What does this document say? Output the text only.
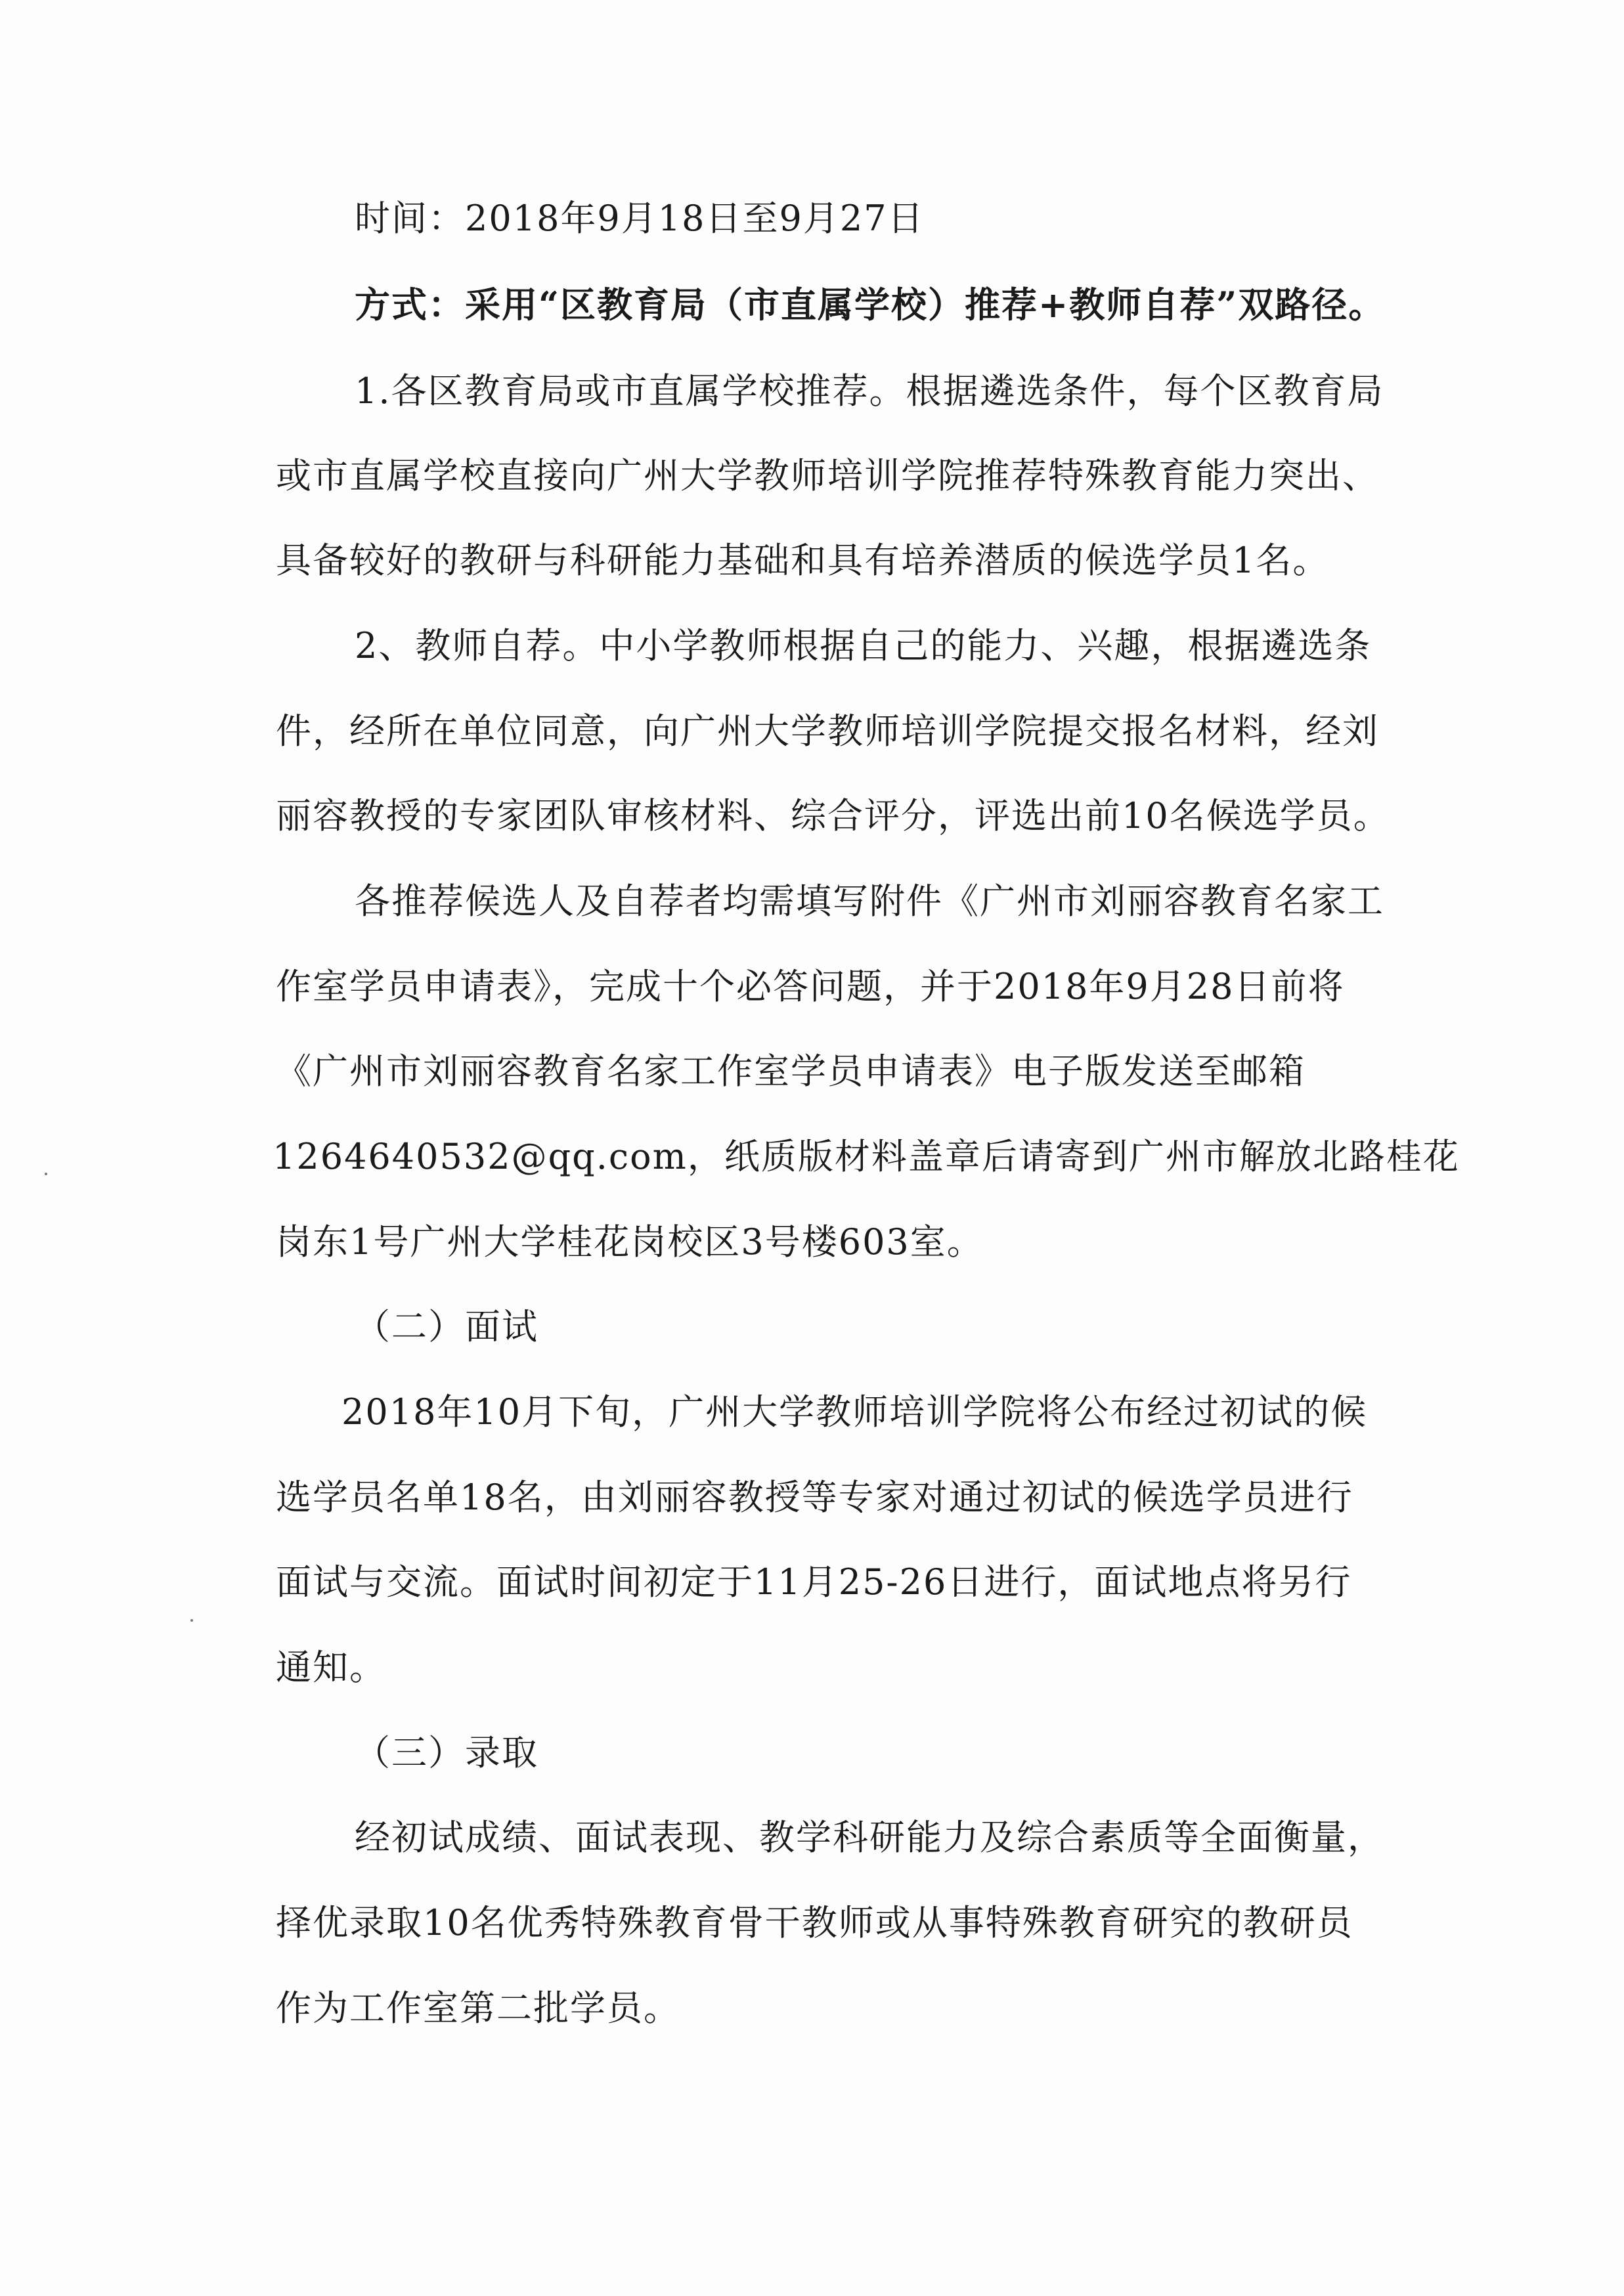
时间：2018年9月18日至9月27日
方式：采用“区教育局（市直属学校）推荐+教师自荐”双路径。
1.各区教育局或市直属学校推荐。根据遴选条件，每个区教育局
或市直属学校直接向广州大学教师培训学院推荐特殊教育能力突出、
具备较好的教研与科研能力基础和具有培养潜质的候选学员1名。
2、教师自荐。中小学教师根据自己的能力、兴趣，根据遴选条
件，经所在单位同意，向广州大学教师培训学院提交报名材料，经刘
丽容教授的专家团队审核材料、综合评分，评选出前10名候选学员。
各推荐候选人及自荐者均需填写附件《广州市刘丽容教育名家工
作室学员申请表》，完成十个必答问题，并于2018年9月28日前将
《广州市刘丽容教育名家工作室学员申请表》电子版发送至邮箱
1264640532@qq.com，纸质版材料盖章后请寄到广州市解放北路桂花
岗东1号广州大学桂花岗校区3号楼603室。
（二）面试
2018年10月下旬，广州大学教师培训学院将公布经过初试的候
选学员名单18名，由刘丽容教授等专家对通过初试的候选学员进行
面试与交流。面试时间初定于11月25-26日进行，面试地点将另行
通知。
（三）录取
经初试成绩、面试表现、教学科研能力及综合素质等全面衡量，
择优录取10名优秀特殊教育骨干教师或从事特殊教育研究的教研员
作为工作室第二批学员。
